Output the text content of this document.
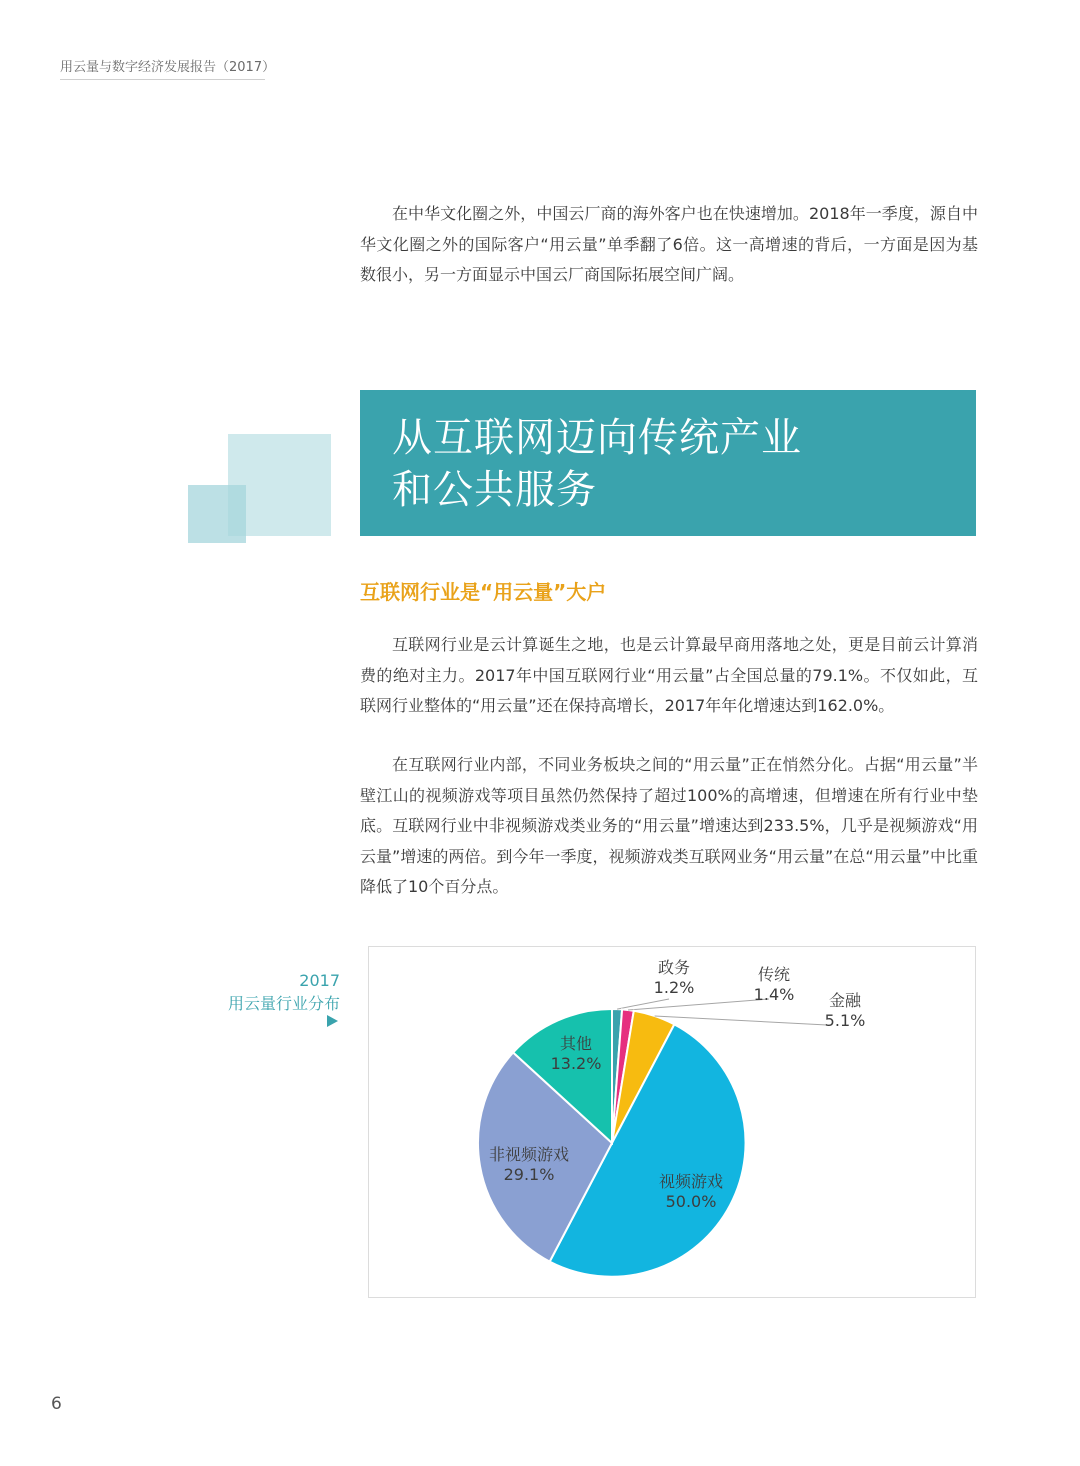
用云量与数字经济发展报告（2017）

在中华文化圈之外，中国云厂商的海外客户也在快速增加。2018年一季度，源自中华文化圈之外的国际客户“用云量”单季翻了6倍。这一高增速的背后，一方面是因为基数很小，另一方面显示中国云厂商国际拓展空间广阔。

从互联网迈向传统产业
和公共服务
互联网行业是“用云量”大户

互联网行业是云计算诞生之地，也是云计算最早商用落地之处，更是目前云计算消费的绝对主力。2017年中国互联网行业“用云量”占全国总量的79.1%。不仅如此，互联网行业整体的“用云量”还在保持高增长，2017年年化增速达到162.0%。

在互联网行业内部，不同业务板块之间的“用云量”正在悄然分化。占据“用云量”半壁江山的视频游戏等项目虽然仍然保持了超过100%的高增速，但增速在所有行业中垫底。互联网行业中非视频游戏类业务的“用云量”增速达到233.5%，几乎是视频游戏“用云量”增速的两倍。到今年一季度，视频游戏类互联网业务“用云量”在总“用云量”中比重降低了10个百分点。

2017
用云量行业分布
政务
1.2%
传统
1.4% 金融
5.1%
视频游戏
50.0%
非视频游戏
29.1%
其他
13.2%
6
